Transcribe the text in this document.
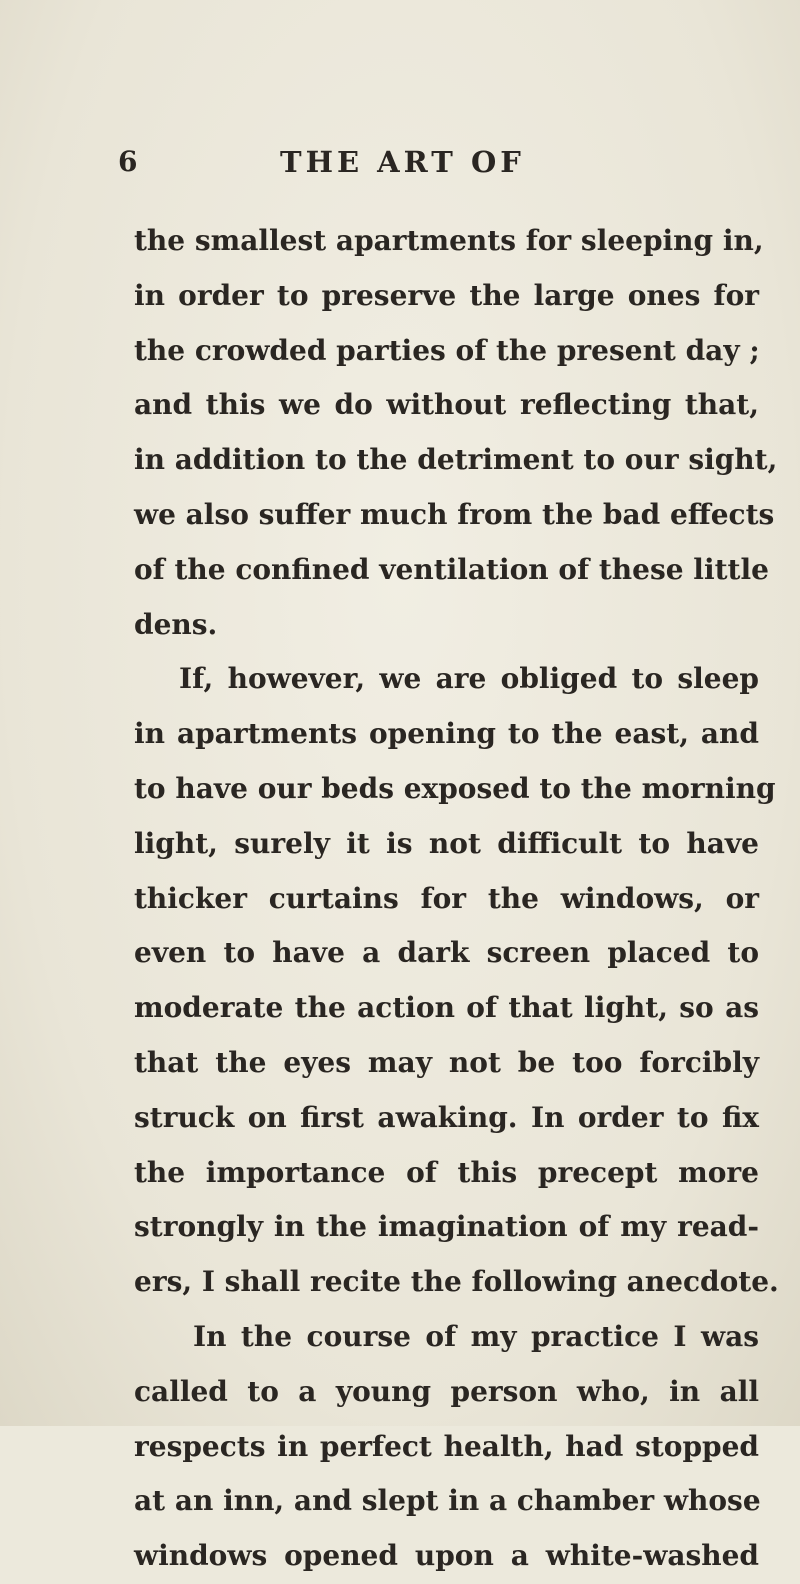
6	THE ART OF
the smallest apartments for sleeping in,
in order to preserve the large ones for
the crowded parties of the present day ;
and this we do without reflecting that,
in addition to the detriment to our sight,
we also suffer much from the bad effects
of the confined ventilation of these little
dens.
If, however, we are obliged to sleep
in apartments opening to the east, and
to have our beds exposed to the morning
light, surely it is not difficult to have
thicker curtains for the windows, or
even to have a dark screen placed to
moderate the action of that light, so as
that the eyes may not be too forcibly
struck on first awaking. In order to fix
the importance of this precept more
strongly in the imagination of my read-
ers, I shall recite the following anecdote.
In the course of my practice I was
called to a young person who, in all
respects in perfect health, had stopped
at an inn, and slept in a chamber whose
windows opened upon a white-washed
